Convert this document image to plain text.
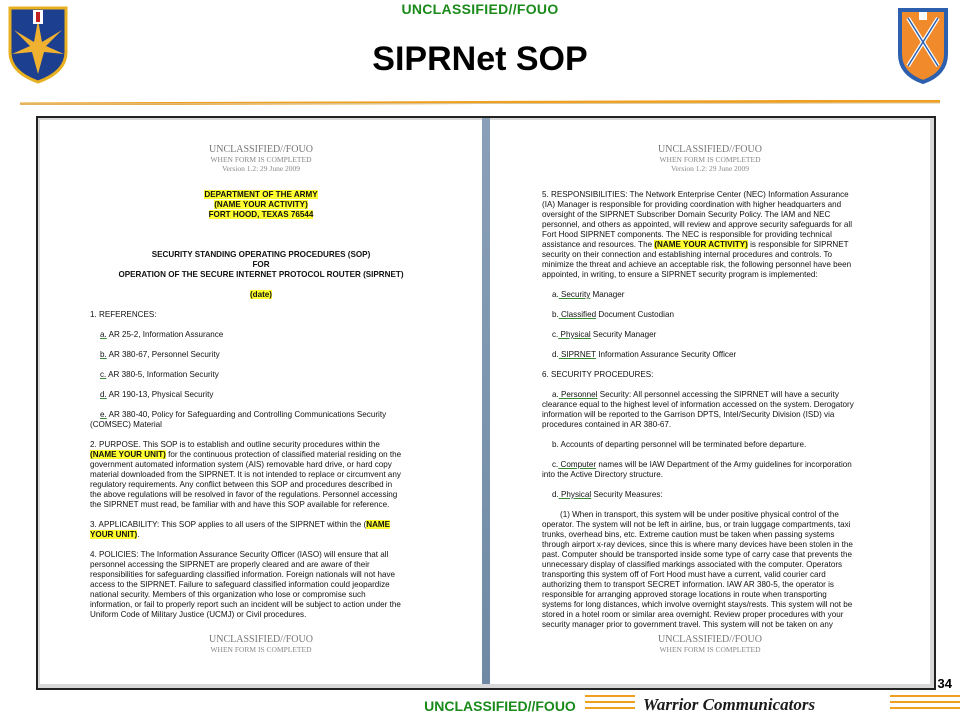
UNCLASSIFIED//FOUO
SIPRNet SOP
UNCLASSIFIED//FOUO
WHEN FORM IS COMPLETED
Version 1.2: 29 June 2009
DEPARTMENT OF THE ARMY
(NAME YOUR ACTIVITY)
FORT HOOD, TEXAS 76544
SECURITY STANDING OPERATING PROCEDURES (SOP)
FOR
OPERATION OF THE SECURE INTERNET PROTOCOL ROUTER (SIPRNET)
(date)
1. REFERENCES:
a. AR 25-2, Information Assurance
b. AR 380-67, Personnel Security
c. AR 380-5, Information Security
d. AR 190-13, Physical Security
e. AR 380-40, Policy for Safeguarding and Controlling Communications Security
(COMSEC) Material
2. PURPOSE. This SOP is to establish and outline security procedures within the
(NAME YOUR UNIT) for the continuous protection of classified material residing on the
government automated information system (AIS) removable hard drive, or hard copy
material downloaded from the SIPRNET. It is not intended to replace or circumvent any
regulatory requirements. Any conflict between this SOP and procedures described in
the above regulations will be resolved in favor of the regulations. Personnel accessing
the SIPRNET must read, be familiar with and have this SOP available for reference.
3. APPLICABILITY: This SOP applies to all users of the SIPRNET within the (NAME
YOUR UNIT).
4. POLICIES: The Information Assurance Security Officer (IASO) will ensure that all
personnel accessing the SIPRNET are properly cleared and are aware of their
responsibilities for safeguarding classified information. Foreign nationals will not have
access to the SIPRNET. Failure to safeguard classified information could jeopardize
national security. Members of this organization who lose or compromise such
information, or fail to properly report such an incident will be subject to action under the
Uniform Code of Military Justice (UCMJ) or Civil procedures.
UNCLASSIFIED//FOUO
WHEN FORM IS COMPLETED
UNCLASSIFIED//FOUO
WHEN FORM IS COMPLETED
Version 1.2: 29 June 2009
5. RESPONSIBILITIES: The Network Enterprise Center (NEC) Information Assurance
(IA) Manager is responsible for providing coordination with higher headquarters and
oversight of the SIPRNET Subscriber Domain Security Policy. The IAM and NEC
personnel, and others as appointed, will review and approve security safeguards for all
Fort Hood SIPRNET components. The NEC is responsible for providing technical
assistance and resources. The (NAME YOUR ACTIVITY) is responsible for SIPRNET
security on their connection and establishing internal procedures and controls. To
minimize the threat and achieve an acceptable risk, the following personnel have been
appointed, in writing, to ensure a SIPRNET security program is implemented:
a. Security Manager
b. Classified Document Custodian
c. Physical Security Manager
d. SIPRNET Information Assurance Security Officer
6. SECURITY PROCEDURES:
a. Personnel Security: All personnel accessing the SIPRNET will have a security
clearance equal to the highest level of information accessed on the system. Derogatory
information will be reported to the Garrison DPTS, Intel/Security Division (ISD) via
procedures contained in AR 380-67.
b. Accounts of departing personnel will be terminated before departure.
c. Computer names will be IAW Department of the Army guidelines for incorporation
into the Active Directory structure.
d. Physical Security Measures:
(1) When in transport, this system will be under positive physical control of the
operator. The system will not be left in airline, bus, or train luggage compartments, taxi
trunks, overhead bins, etc. Extreme caution must be taken when passing systems
through airport x-ray devices, since this is where many devices have been stolen in the
past. Computer should be transported inside some type of carry case that prevents the
unnecessary display of classified markings associated with the computer. Operators
transporting this system off of Fort Hood must have a current, valid courier card
authorizing them to transport SECRET information. IAW AR 380-5, the operator is
responsible for arranging approved storage locations in route when transporting
systems for long distances, which involve overnight stays/rests. This system will not be
stored in a hotel room or similar area overnight. Review proper procedures with your
security manager prior to government travel. This system will not be taken on any
UNCLASSIFIED//FOUO
WHEN FORM IS COMPLETED
34
Warrior Communicators
UNCLASSIFIED//FOUO
